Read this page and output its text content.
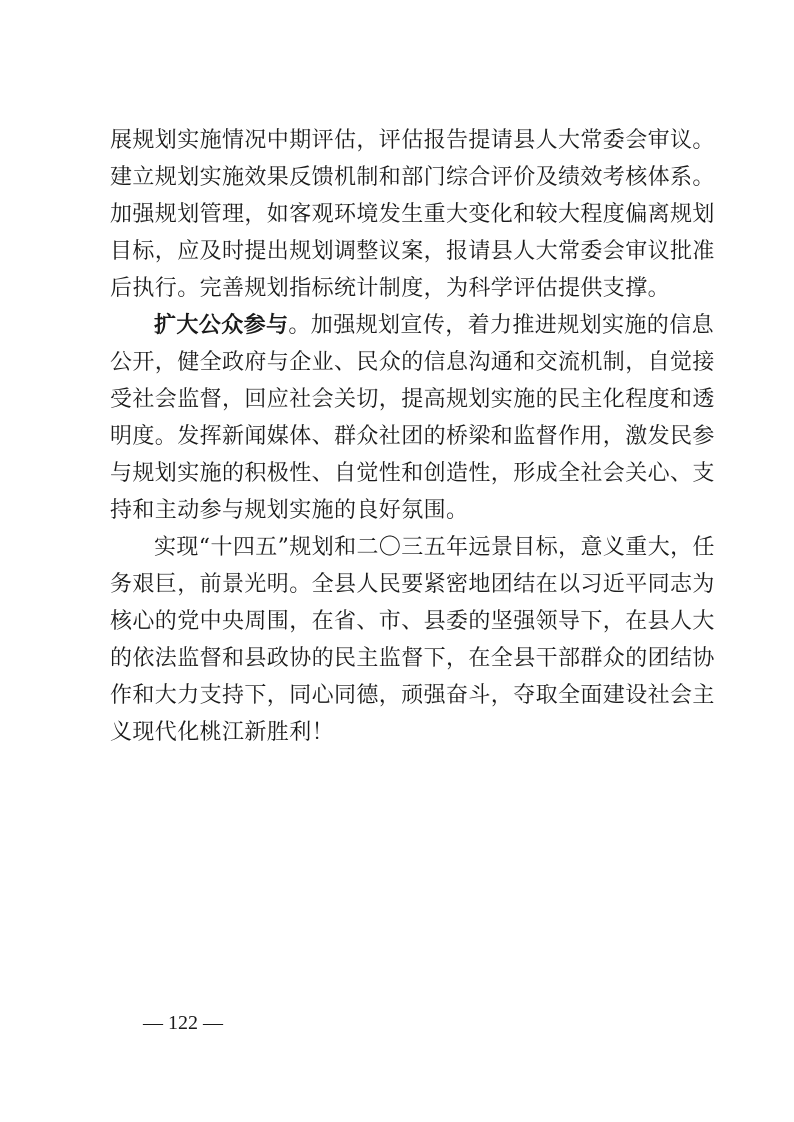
展规划实施情况中期评估，评估报告提请县人大常委会审议。
建立规划实施效果反馈机制和部门综合评价及绩效考核体系。
加强规划管理，如客观环境发生重大变化和较大程度偏离规划
目标，应及时提出规划调整议案，报请县人大常委会审议批准
后执行。完善规划指标统计制度，为科学评估提供支撑。
扩大公众参与。加强规划宣传，着力推进规划实施的信息
公开，健全政府与企业、民众的信息沟通和交流机制，自觉接
受社会监督，回应社会关切，提高规划实施的民主化程度和透
明度。发挥新闻媒体、群众社团的桥梁和监督作用，激发民参
与规划实施的积极性、自觉性和创造性，形成全社会关心、支
持和主动参与规划实施的良好氛围。
实现“十四五”规划和二〇三五年远景目标，意义重大，任
务艰巨，前景光明。全县人民要紧密地团结在以习近平同志为
核心的党中央周围，在省、市、县委的坚强领导下，在县人大
的依法监督和县政协的民主监督下，在全县干部群众的团结协
作和大力支持下，同心同德，顽强奋斗，夺取全面建设社会主
义现代化桃江新胜利！
— 122 —
